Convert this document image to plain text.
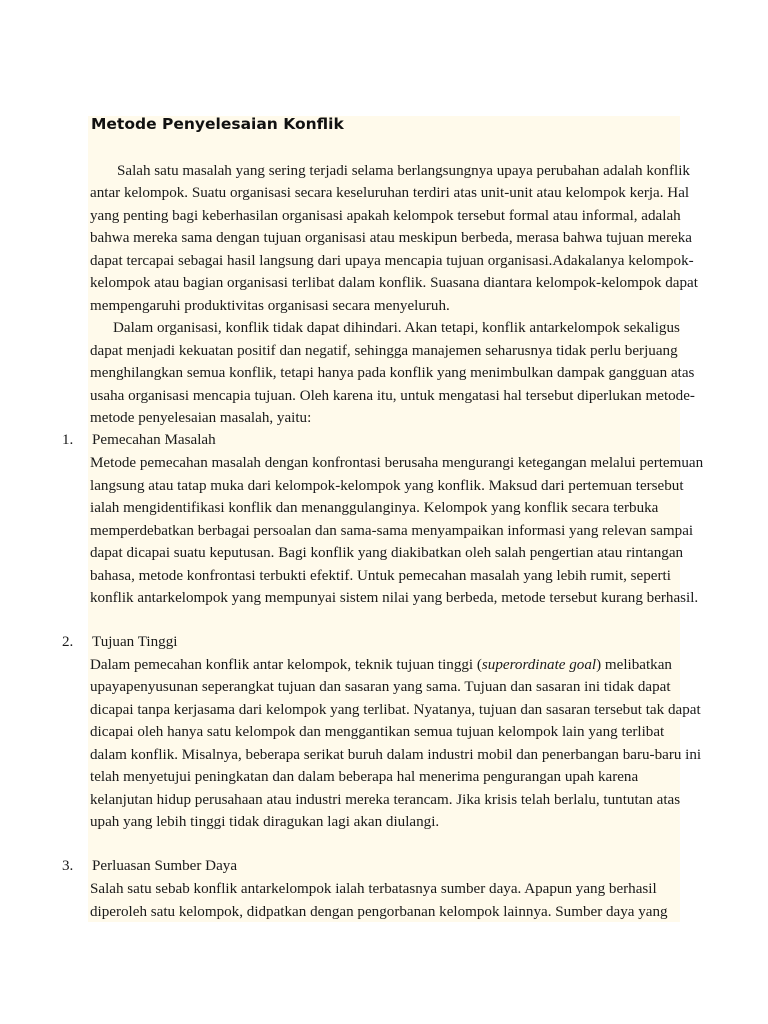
Metode Penyelesaian Konflik
Salah satu masalah yang sering terjadi selama berlangsungnya upaya perubahan adalah konflik
antar kelompok. Suatu organisasi secara keseluruhan terdiri atas unit-unit atau kelompok kerja. Hal
yang penting bagi keberhasilan organisasi apakah kelompok tersebut formal atau informal, adalah
bahwa mereka sama dengan tujuan organisasi atau meskipun berbeda, merasa bahwa tujuan mereka
dapat tercapai sebagai hasil langsung dari upaya mencapia tujuan organisasi.Adakalanya kelompok-
kelompok atau bagian organisasi terlibat dalam konflik. Suasana diantara kelompok-kelompok dapat
mempengaruhi produktivitas organisasi secara menyeluruh.
Dalam organisasi, konflik tidak dapat dihindari. Akan tetapi, konflik antarkelompok sekaligus
dapat menjadi kekuatan positif dan negatif, sehingga manajemen seharusnya tidak perlu berjuang
menghilangkan semua konflik, tetapi hanya pada konflik yang menimbulkan dampak gangguan atas
usaha organisasi mencapia tujuan. Oleh karena itu, untuk mengatasi hal tersebut diperlukan metode-
metode penyelesaian masalah, yaitu:
1. Pemecahan Masalah
Metode pemecahan masalah dengan konfrontasi berusaha mengurangi ketegangan melalui pertemuan
langsung atau tatap muka dari kelompok-kelompok yang konflik. Maksud dari pertemuan tersebut
ialah mengidentifikasi konflik dan menanggulanginya. Kelompok yang konflik secara terbuka
memperdebatkan berbagai persoalan dan sama-sama menyampaikan informasi yang relevan sampai
dapat dicapai suatu keputusan. Bagi konflik yang diakibatkan oleh salah pengertian atau rintangan
bahasa, metode konfrontasi terbukti efektif. Untuk pemecahan masalah yang lebih rumit, seperti
konflik antarkelompok yang mempunyai sistem nilai yang berbeda, metode tersebut kurang berhasil.
2. Tujuan Tinggi
Dalam pemecahan konflik antar kelompok, teknik tujuan tinggi (superordinate goal) melibatkan
upayapenyusunan seperangkat tujuan dan sasaran yang sama. Tujuan dan sasaran ini tidak dapat
dicapai tanpa kerjasama dari kelompok yang terlibat. Nyatanya, tujuan dan sasaran tersebut tak dapat
dicapai oleh hanya satu kelompok dan menggantikan semua tujuan kelompok lain yang terlibat
dalam konflik. Misalnya, beberapa serikat buruh dalam industri mobil dan penerbangan baru-baru ini
telah menyetujui peningkatan dan dalam beberapa hal menerima pengurangan upah karena
kelanjutan hidup perusahaan atau industri mereka terancam. Jika krisis telah berlalu, tuntutan atas
upah yang lebih tinggi tidak diragukan lagi akan diulangi.
3. Perluasan Sumber Daya
Salah satu sebab konflik antarkelompok ialah terbatasnya sumber daya. Apapun yang berhasil
diperoleh satu kelompok, didpatkan dengan pengorbanan kelompok lainnya. Sumber daya yang
